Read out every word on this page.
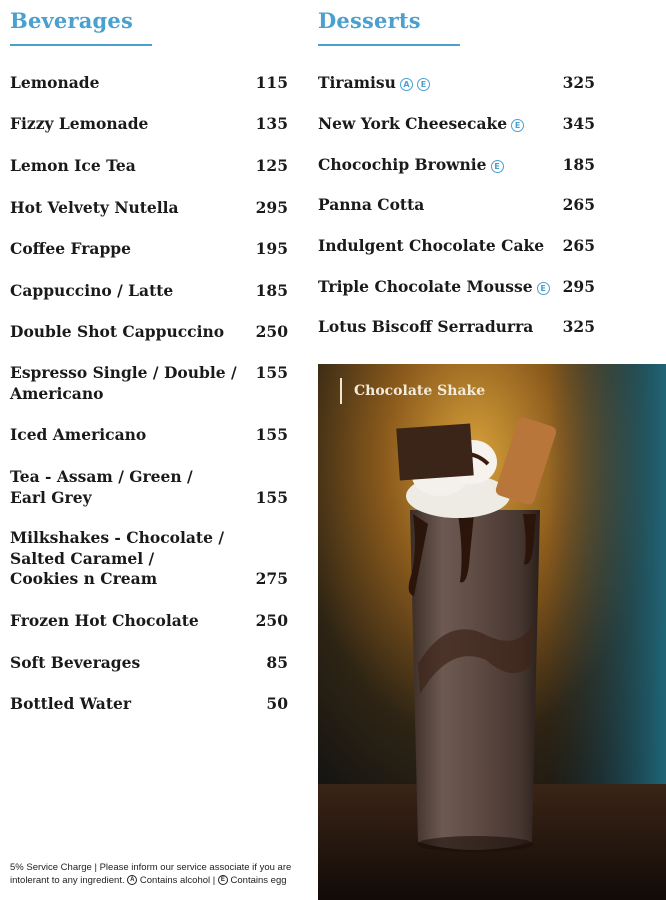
Beverages	Desserts
Lemonade	115
Fizzy Lemonade	135
Lemon Ice Tea	125
Hot Velvety Nutella	295
Coffee Frappe	195
Cappuccino / Latte	185
Double Shot Cappuccino 250
Espresso Single / Double /
Americano
155
Iced Americano	155
Tea - Assam / Green /
Earl Grey	155
Milkshakes - Chocolate /
Salted Caramel /
Cookies n Cream	275
Frozen Hot Chocolate	250
Soft Beverages	85
Bottled Water	50
Tiramisu A E	325
New York Cheesecake E	345
Chocochip Brownie E	185
Panna Cotta	265
Indulgent Chocolate Cake 265
Triple Chocolate Mousse E 295
Lotus Biscoff Serradurra 325
Chocolate Shake
5% Service Charge | Please inform our service associate if you are
intolerant to any ingredient. A Contains alcohol | E Contains egg
